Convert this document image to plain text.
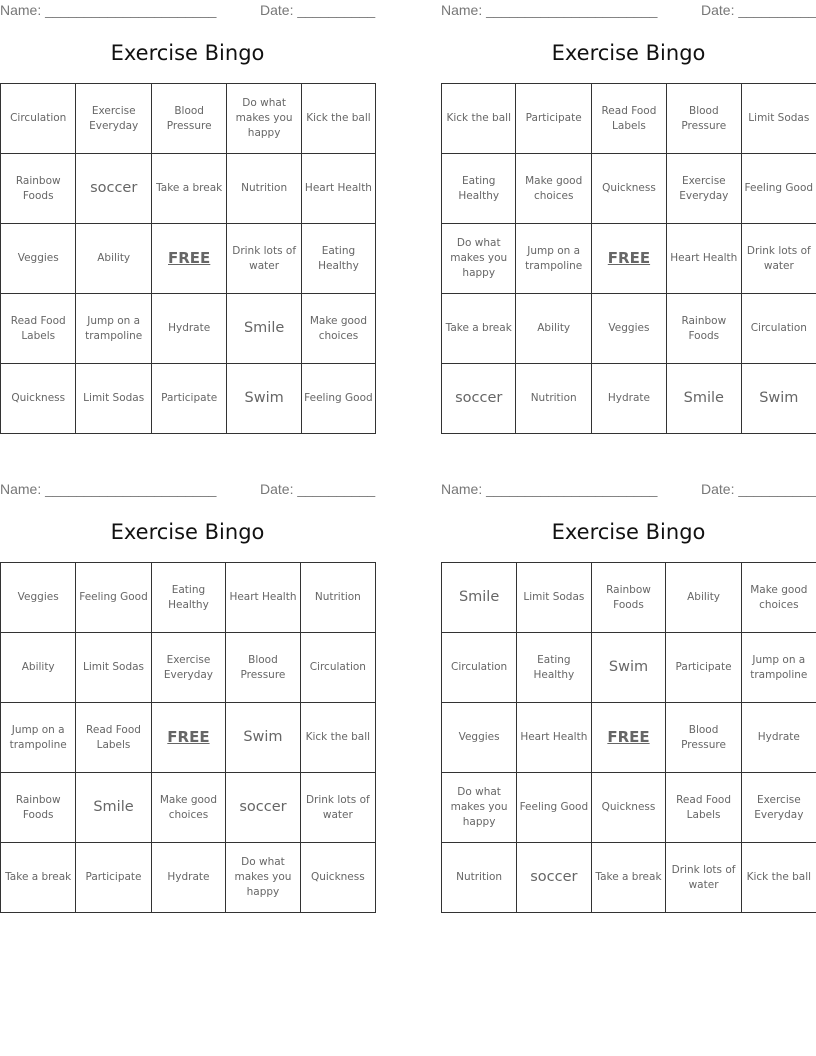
Name: ______________________	Date: __________
Exercise Bingo
Circulation	Exercise Everyday	Blood Pressure	Do what makes you happy	Kick the ball
Rainbow Foods	soccer	Take a break	Nutrition	Heart Health
Veggies	Ability	FREE	Drink lots of water	Eating Healthy
Read Food Labels	Jump on a trampoline	Hydrate	Smile	Make good choices
Quickness	Limit Sodas	Participate	Swim	Feeling Good
Name: ______________________	Date: __________
Exercise Bingo
Kick the ball	Participate	Read Food Labels	Blood Pressure	Limit Sodas
Eating Healthy	Make good choices	Quickness	Exercise Everyday	Feeling Good
Do what makes you happy	Jump on a trampoline	FREE	Heart Health	Drink lots of water
Take a break	Ability	Veggies	Rainbow Foods	Circulation
soccer	Nutrition	Hydrate	Smile	Swim
Name: ______________________	Date: __________
Exercise Bingo
Veggies	Feeling Good	Eating Healthy	Heart Health	Nutrition
Ability	Limit Sodas	Exercise Everyday	Blood Pressure	Circulation
Jump on a trampoline	Read Food Labels	FREE	Swim	Kick the ball
Rainbow Foods	Smile	Make good choices	soccer	Drink lots of water
Take a break	Participate	Hydrate	Do what makes you happy	Quickness
Name: ______________________	Date: __________
Exercise Bingo
Smile	Limit Sodas	Rainbow Foods	Ability	Make good choices
Circulation	Eating Healthy	Swim	Participate	Jump on a trampoline
Veggies	Heart Health	FREE	Blood Pressure	Hydrate
Do what makes you happy	Feeling Good	Quickness	Read Food Labels	Exercise Everyday
Nutrition	soccer	Take a break	Drink lots of water	Kick the ball
